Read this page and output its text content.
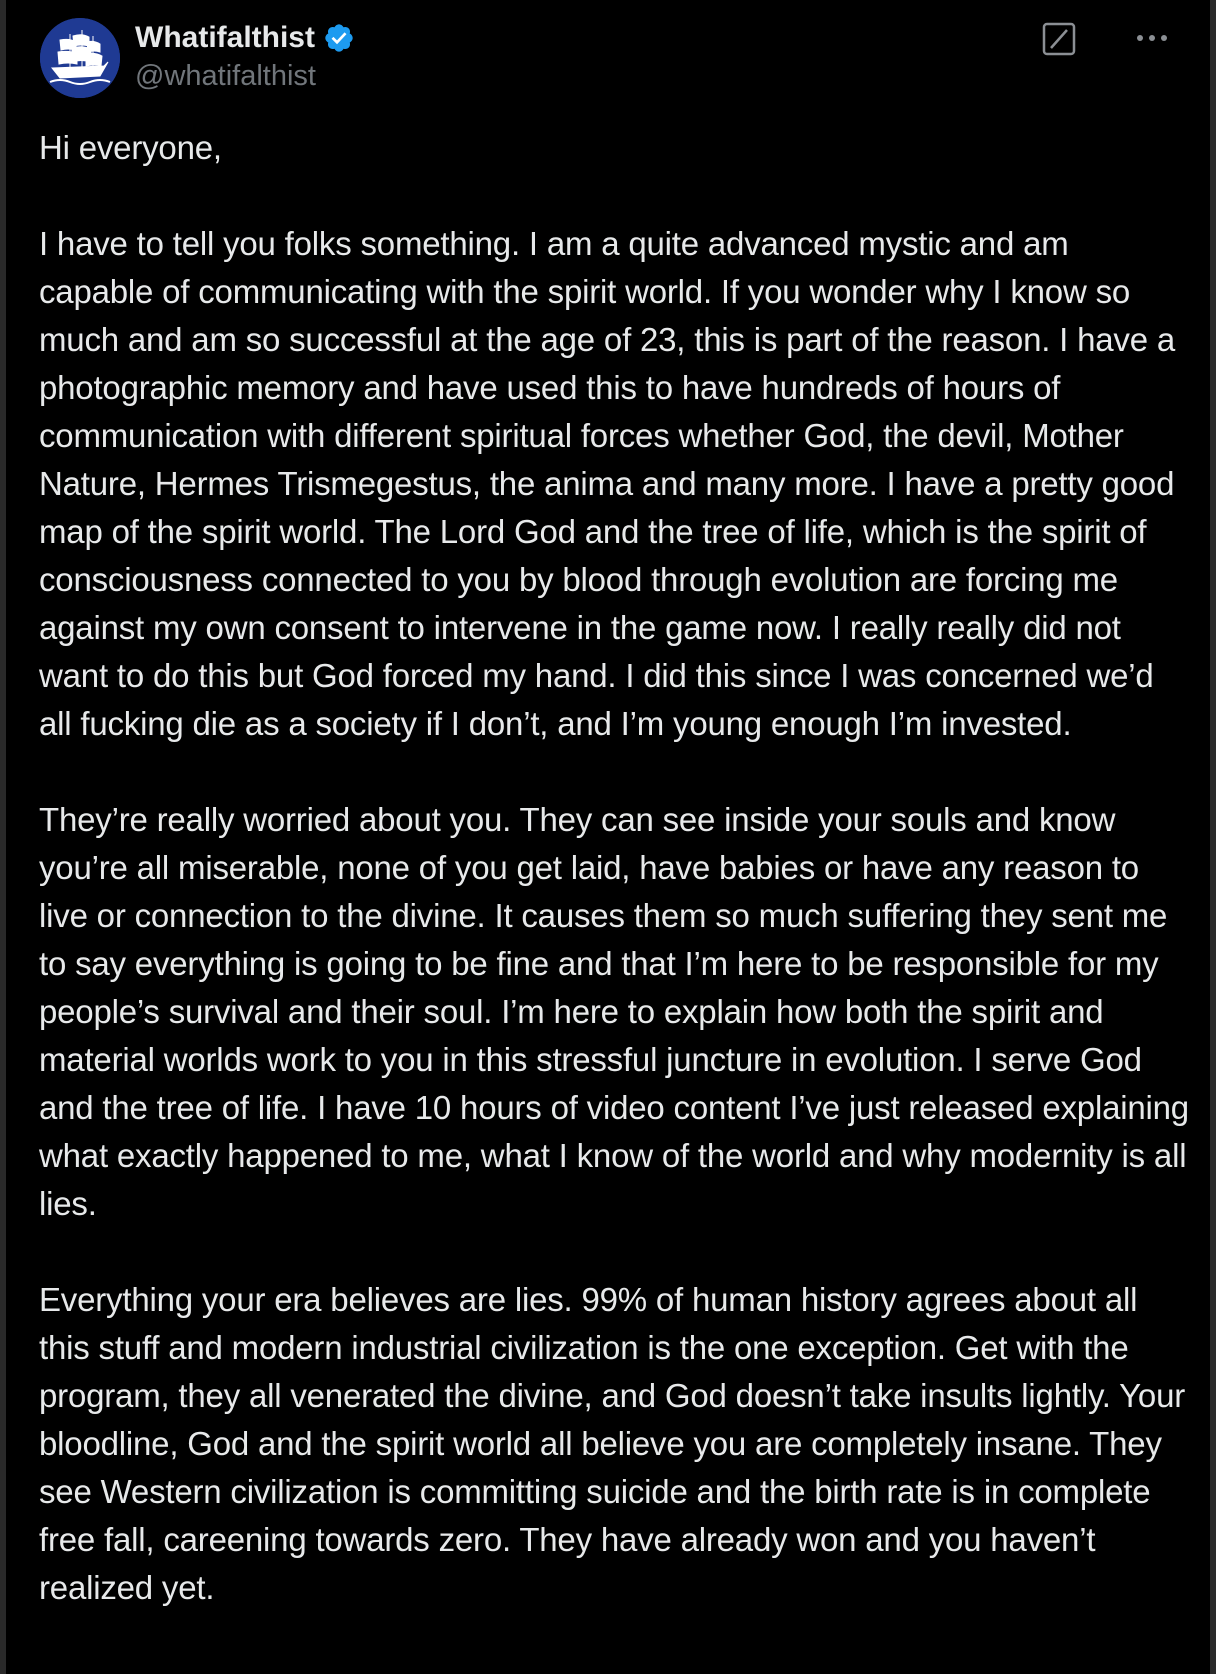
Whatifalthist
@whatifalthist

Hi everyone,

I have to tell you folks something. I am a quite advanced mystic and am capable of communicating with the spirit world. If you wonder why I know so much and am so successful at the age of 23, this is part of the reason. I have a photographic memory and have used this to have hundreds of hours of communication with different spiritual forces whether God, the devil, Mother Nature, Hermes Trismegestus, the anima and many more. I have a pretty good map of the spirit world. The Lord God and the tree of life, which is the spirit of consciousness connected to you by blood through evolution are forcing me against my own consent to intervene in the game now. I really really did not want to do this but God forced my hand. I did this since I was concerned we’d all fucking die as a society if I don’t, and I’m young enough I’m invested.

They’re really worried about you. They can see inside your souls and know you’re all miserable, none of you get laid, have babies or have any reason to live or connection to the divine. It causes them so much suffering they sent me to say everything is going to be fine and that I’m here to be responsible for my people’s survival and their soul. I’m here to explain how both the spirit and material worlds work to you in this stressful juncture in evolution. I serve God and the tree of life. I have 10 hours of video content I’ve just released explaining what exactly happened to me, what I know of the world and why modernity is all lies.

Everything your era believes are lies. 99% of human history agrees about all this stuff and modern industrial civilization is the one exception. Get with the program, they all venerated the divine, and God doesn’t take insults lightly. Your bloodline, God and the spirit world all believe you are completely insane. They see Western civilization is committing suicide and the birth rate is in complete free fall, careening towards zero. They have already won and you haven’t realized yet.
